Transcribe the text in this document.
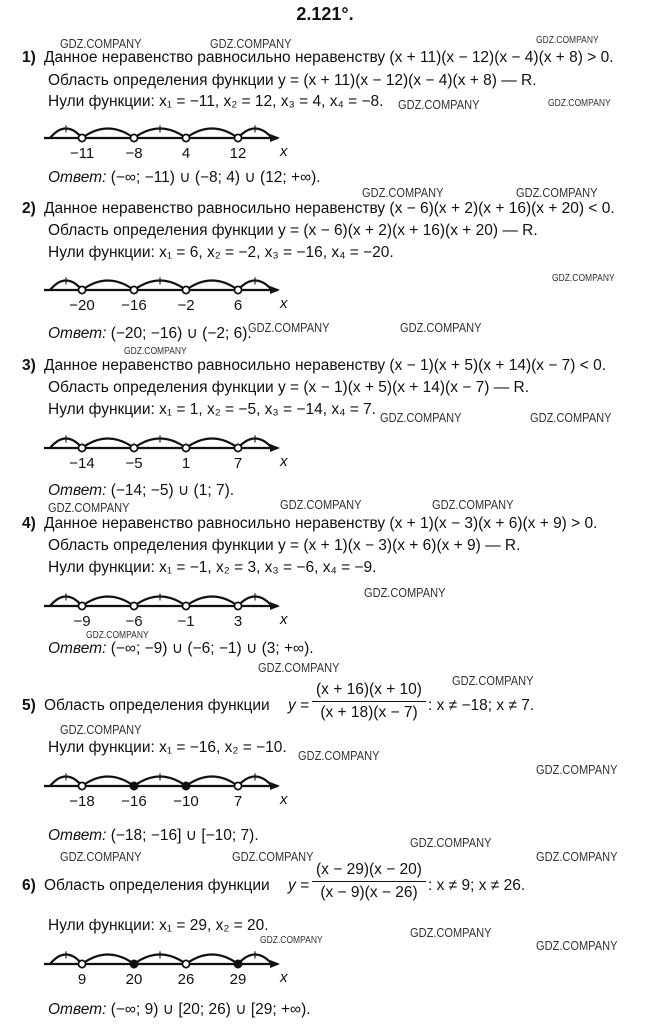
2.121°.
1) Данное неравенство равносильно неравенству (x + 11)(x − 12)(x − 4)(x + 8) > 0.
Область определения функции y = (x + 11)(x − 12)(x − 4)(x + 8) — R.
Нули функции: x₁ = −11, x₂ = 12, x₃ = 4, x₄ = −8.
+ −	+	− +
−11 −8	4	12 x
Ответ: (−∞; −11) ∪ (−8; 4) ∪ (12; +∞).
2) Данное неравенство равносильно неравенству (x − 6)(x + 2)(x + 16)(x + 20) < 0.
Область определения функции y = (x − 6)(x + 2)(x + 16)(x + 20) — R.
Нули функции: x₁ = 6, x₂ = −2, x₃ = −16, x₄ = −20.
+ −	+	− +
−20 −16 −2	6	x
Ответ: (−20; −16) ∪ (−2; 6).
3) Данное неравенство равносильно неравенству (x − 1)(x + 5)(x + 14)(x − 7) < 0.
Область определения функции y = (x − 1)(x + 5)(x + 14)(x − 7) — R.
Нули функции: x₁ = 1, x₂ = −5, x₃ = −14, x₄ = 7.
+ −	+	− +
−14 −5	1	7	x
Ответ: (−14; −5) ∪ (1; 7).
4) Данное неравенство равносильно неравенству (x + 1)(x − 3)(x + 6)(x + 9) > 0.
Область определения функции y = (x + 1)(x − 3)(x + 6)(x + 9) — R.
Нули функции: x₁ = −1, x₂ = 3, x₃ = −6, x₄ = −9.
+ −	+	− +
−9 −6 −1	3	x
Ответ: (−∞; −9) ∪ (−6; −1) ∪ (3; +∞).
5) Область определения функции $y = \frac{(x + 16)(x + 10)}{(x + 18)(x - 7)}$ : x ≠ −18; x ≠ 7.
Нули функции: x₁ = −16, x₂ = −10.
+ −	+	− +
−18 −16 −10 7	x
Ответ: (−18; −16] ∪ [−10; 7).
6) Область определения функции $y = \frac{(x - 29)(x - 20)}{(x - 9)(x - 26)}$ : x ≠ 9; x ≠ 26.
Нули функции: x₁ = 29, x₂ = 20.
+ −	+	− +
9	20 26 29 x
Ответ: (−∞; 9) ∪ [20; 26) ∪ [29; +∞).
GDZ.COMPANY	GDZ.COMPANY	GDZ.COMPANY
GDZ.COMPANY
GDZ.COMPANY
GDZ.COMPANY	GDZ.COMPANY
GDZ.COMPANY
GDZ.COMPANY	GDZ.COMPANY
GDZ.COMPANY
GDZ.COMPANY	GDZ.COMPANY
GDZ.COMPANY	GDZ.COMPANY
GDZ.COMPANY
GDZ.COMPANY
GDZ.COMPANY
GDZ.COMPANY
GDZ.COMPANY
GDZ.COMPANY
GDZ.COMPANY
GDZ.COMPANY
GDZ.COMPANY
GDZ.COMPANY	GDZ.COMPANY	GDZ.COMPANY
GDZ.COMPANY
GDZ.COMPANY	GDZ.COMPANY
